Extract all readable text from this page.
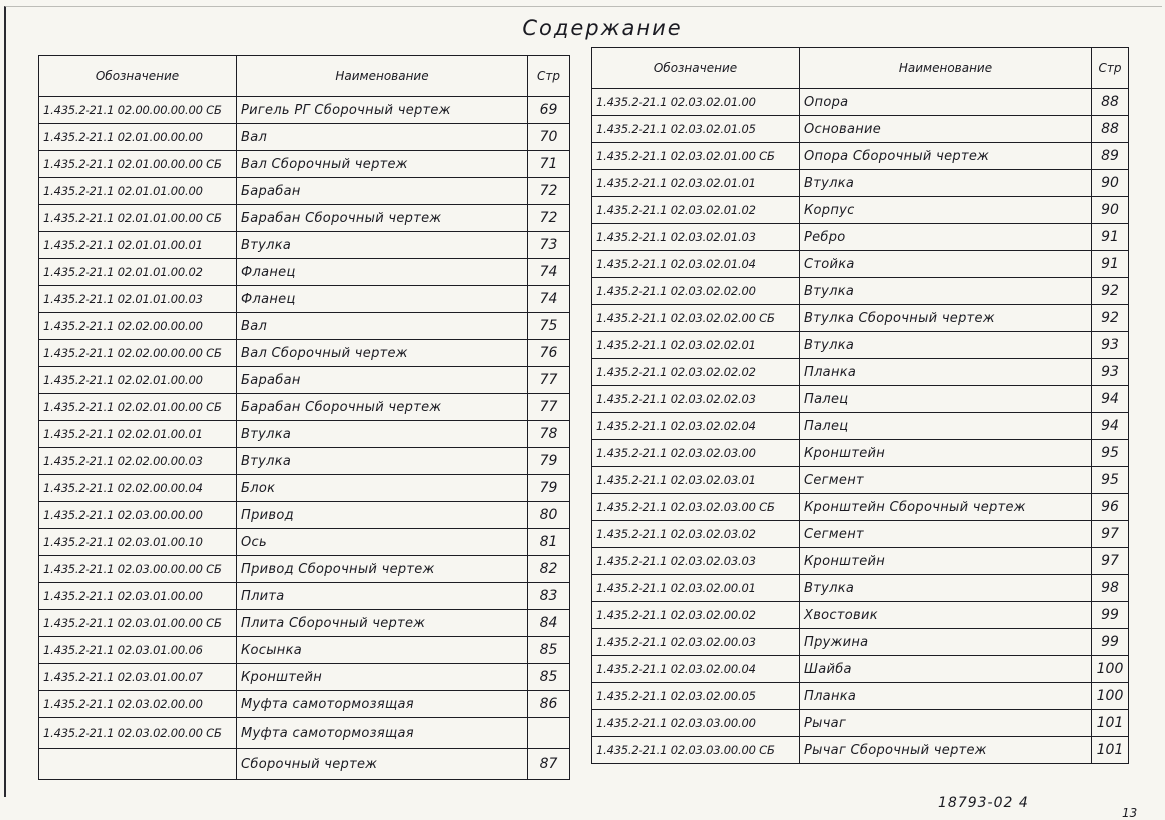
Содержание
Обозначение	Наименование	Стр
1.435.2-21.1 02.00.00.00.00 СБ	Ригель РГ Сборочный чертеж	69
1.435.2-21.1 02.01.00.00.00	Вал	70
1.435.2-21.1 02.01.00.00.00 СБ	Вал Сборочный чертеж	71
1.435.2-21.1 02.01.01.00.00	Барабан	72
1.435.2-21.1 02.01.01.00.00 СБ	Барабан Сборочный чертеж	72
1.435.2-21.1 02.01.01.00.01	Втулка	73
1.435.2-21.1 02.01.01.00.02	Фланец	74
1.435.2-21.1 02.01.01.00.03	Фланец	74
1.435.2-21.1 02.02.00.00.00	Вал	75
1.435.2-21.1 02.02.00.00.00 СБ	Вал Сборочный чертеж	76
1.435.2-21.1 02.02.01.00.00	Барабан	77
1.435.2-21.1 02.02.01.00.00 СБ	Барабан Сборочный чертеж	77
1.435.2-21.1 02.02.01.00.01	Втулка	78
1.435.2-21.1 02.02.00.00.03	Втулка	79
1.435.2-21.1 02.02.00.00.04	Блок	79
1.435.2-21.1 02.03.00.00.00	Привод	80
1.435.2-21.1 02.03.01.00.10	Ось	81
1.435.2-21.1 02.03.00.00.00 СБ	Привод Сборочный чертеж	82
1.435.2-21.1 02.03.01.00.00	Плита	83
1.435.2-21.1 02.03.01.00.00 СБ	Плита Сборочный чертеж	84
1.435.2-21.1 02.03.01.00.06	Косынка	85
1.435.2-21.1 02.03.01.00.07	Кронштейн	85
1.435.2-21.1 02.03.02.00.00	Муфта самотормозящая	86
1.435.2-21.1 02.03.02.00.00 СБ	Муфта самотормозящая	
	Сборочный чертеж	87
Обозначение	Наименование	Стр
1.435.2-21.1 02.03.02.01.00	Опора	88
1.435.2-21.1 02.03.02.01.05	Основание	88
1.435.2-21.1 02.03.02.01.00 СБ	Опора Сборочный чертеж	89
1.435.2-21.1 02.03.02.01.01	Втулка	90
1.435.2-21.1 02.03.02.01.02	Корпус	90
1.435.2-21.1 02.03.02.01.03	Ребро	91
1.435.2-21.1 02.03.02.01.04	Стойка	91
1.435.2-21.1 02.03.02.02.00	Втулка	92
1.435.2-21.1 02.03.02.02.00 СБ	Втулка Сборочный чертеж	92
1.435.2-21.1 02.03.02.02.01	Втулка	93
1.435.2-21.1 02.03.02.02.02	Планка	93
1.435.2-21.1 02.03.02.02.03	Палец	94
1.435.2-21.1 02.03.02.02.04	Палец	94
1.435.2-21.1 02.03.02.03.00	Кронштейн	95
1.435.2-21.1 02.03.02.03.01	Сегмент	95
1.435.2-21.1 02.03.02.03.00 СБ	Кронштейн Сборочный чертеж	96
1.435.2-21.1 02.03.02.03.02	Сегмент	97
1.435.2-21.1 02.03.02.03.03	Кронштейн	97
1.435.2-21.1 02.03.02.00.01	Втулка	98
1.435.2-21.1 02.03.02.00.02	Хвостовик	99
1.435.2-21.1 02.03.02.00.03	Пружина	99
1.435.2-21.1 02.03.02.00.04	Шайба	100
1.435.2-21.1 02.03.02.00.05	Планка	100
1.435.2-21.1 02.03.03.00.00	Рычаг	101
1.435.2-21.1 02.03.03.00.00 СБ	Рычаг Сборочный чертеж	101
18793-02 4
13
